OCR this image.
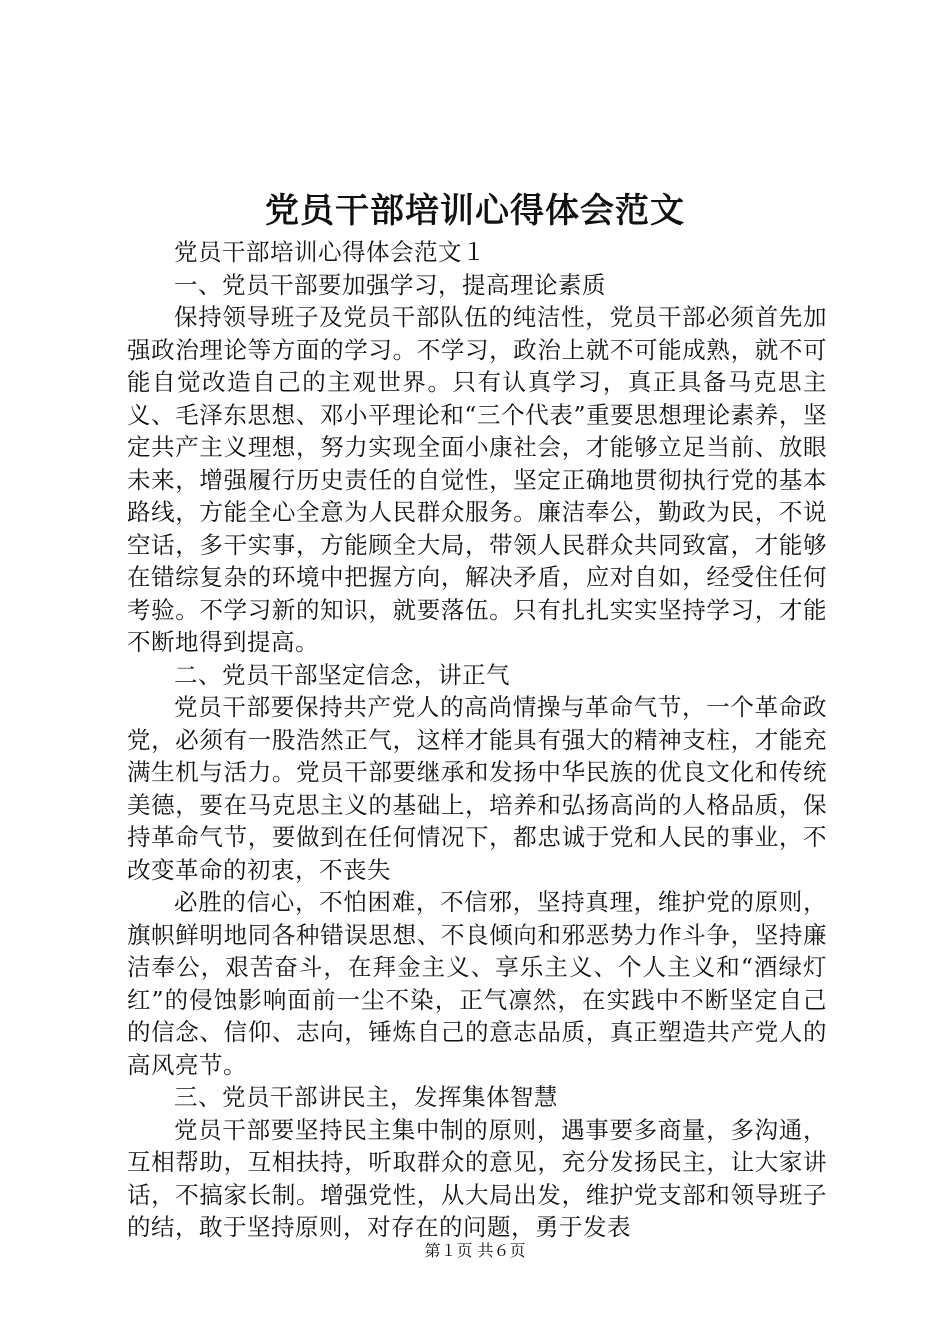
党员干部培训心得体会范文

党员干部培训心得体会范文１

一、党员干部要加强学习，提高理论素质

保持领导班子及党员干部队伍的纯洁性，党员干部必须首先加强政治理论等方面的学习。不学习，政治上就不可能成熟，就不可能自觉改造自己的主观世界。只有认真学习，真正具备马克思主义、毛泽东思想、邓小平理论和“三个代表”重要思想理论素养，坚定共产主义理想，努力实现全面小康社会，才能够立足当前、放眼未来，增强履行历史责任的自觉性，坚定正确地贯彻执行党的基本路线，方能全心全意为人民群众服务。廉洁奉公，勤政为民，不说空话，多干实事，方能顾全大局，带领人民群众共同致富，才能够在错综复杂的环境中把握方向，解决矛盾，应对自如，经受住任何考验。不学习新的知识，就要落伍。只有扎扎实实坚持学习，才能不断地得到提高。

二、党员干部坚定信念，讲正气

党员干部要保持共产党人的高尚情操与革命气节，一个革命政党，必须有一股浩然正气，这样才能具有强大的精神支柱，才能充满生机与活力。党员干部要继承和发扬中华民族的优良文化和传统美德，要在马克思主义的基础上，培养和弘扬高尚的人格品质，保持革命气节，要做到在任何情况下，都忠诚于党和人民的事业，不改变革命的初衷，不丧失

必胜的信心，不怕困难，不信邪，坚持真理，维护党的原则，旗帜鲜明地同各种错误思想、不良倾向和邪恶势力作斗争，坚持廉洁奉公，艰苦奋斗，在拜金主义、享乐主义、个人主义和“酒绿灯红”的侵蚀影响面前一尘不染，正气凛然，在实践中不断坚定自己的信念、信仰、志向，锤炼自己的意志品质，真正塑造共产党人的高风亮节。

三、党员干部讲民主，发挥集体智慧

党员干部要坚持民主集中制的原则，遇事要多商量，多沟通，互相帮助，互相扶持，听取群众的意见，充分发扬民主，让大家讲话，不搞家长制。增强党性，从大局出发，维护党支部和领导班子的结，敢于坚持原则，对存在的问题，勇于发表

第１页 共６页
